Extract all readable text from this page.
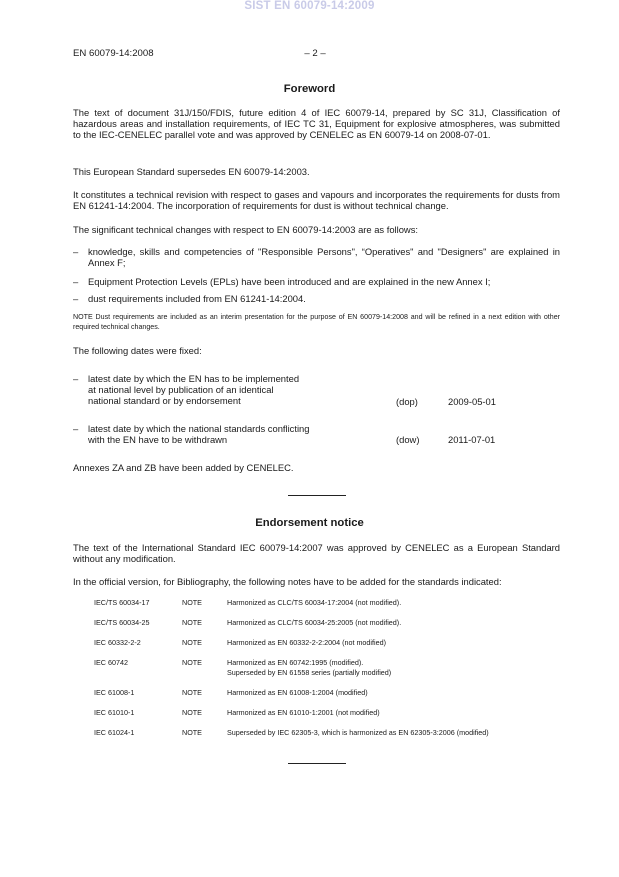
SIST EN 60079-14:2009
EN 60079-14:2008	– 2 –
Foreword
The text of document 31J/150/FDIS, future edition 4 of IEC 60079-14, prepared by SC 31J, Classification of hazardous areas and installation requirements, of IEC TC 31, Equipment for explosive atmospheres, was submitted to the IEC-CENELEC parallel vote and was approved by CENELEC as EN 60079-14 on 2008-07-01.
This European Standard supersedes EN 60079-14:2003.
It constitutes a technical revision with respect to gases and vapours and incorporates the requirements for dusts from EN 61241-14:2004. The incorporation of requirements for dust is without technical change.
The significant technical changes with respect to EN 60079-14:2003 are as follows:
– knowledge, skills and competencies of "Responsible Persons", “Operatives" and "Designers" are explained in Annex F;
– Equipment Protection Levels (EPLs) have been introduced and are explained in the new Annex I;
– dust requirements included from EN 61241-14:2004.
NOTE Dust requirements are included as an interim presentation for the purpose of EN 60079-14:2008 and will be refined in a next edition with other required technical changes.
The following dates were fixed:
– latest date by which the EN has to be implemented
at national level by publication of an identical
national standard or by endorsement	(dop)	2009-05-01
– latest date by which the national standards conflicting
with the EN have to be withdrawn	(dow)	2011-07-01
Annexes ZA and ZB have been added by CENELEC.
Endorsement notice
The text of the International Standard IEC 60079-14:2007 was approved by CENELEC as a European Standard without any modification.
In the official version, for Bibliography, the following notes have to be added for the standards indicated:
IEC/TS 60034-17	NOTE	Harmonized as CLC/TS 60034-17:2004 (not modified).
IEC/TS 60034-25	NOTE	Harmonized as CLC/TS 60034-25:2005 (not modified).
IEC 60332-2-2	NOTE	Harmonized as EN 60332-2-2:2004 (not modified)
IEC 60742	NOTE	Harmonized as EN 60742:1995 (modified).
Superseded by EN 61558 series (partially modified)
IEC 61008-1	NOTE	Harmonized as EN 61008-1:2004 (modified)
IEC 61010-1	NOTE	Harmonized as EN 61010-1:2001 (not modified)
IEC 61024-1	NOTE	Superseded by IEC 62305-3, which is harmonized as EN 62305-3:2006 (modified)
